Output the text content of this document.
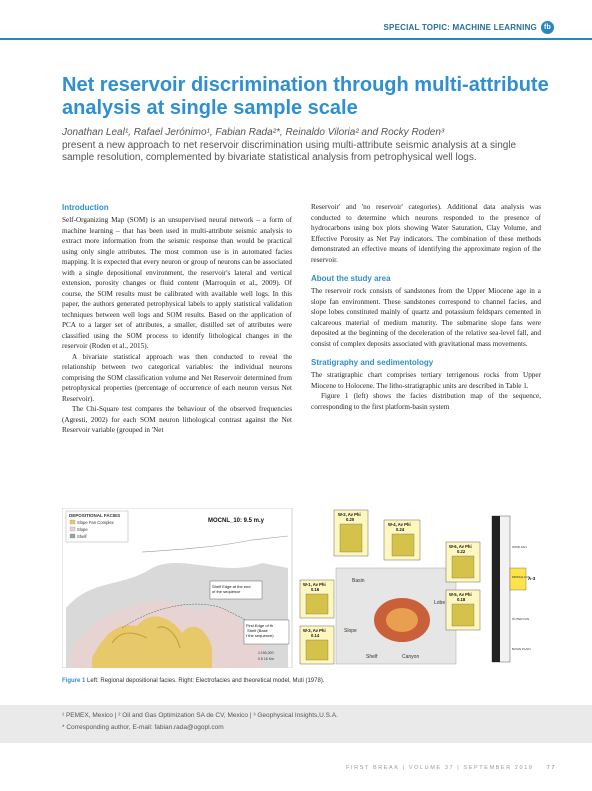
SPECIAL TOPIC: MACHINE LEARNING fb
Net reservoir discrimination through multi-attribute analysis at single sample scale
Jonathan Leal¹, Rafael Jerónimo¹, Fabian Rada²*, Reinaldo Viloria² and Rocky Roden³
present a new approach to net reservoir discrimination using multi-attribute seismic analysis at a single sample resolution, complemented by bivariate statistical analysis from petrophysical well logs.
Introduction

Self-Organizing Map (SOM) is an unsupervised neural network – a form of machine learning – that has been used in multi-attribute seismic analysis to extract more information from the seismic response than would be practical using only single attributes. The most common use is in automated facies mapping. It is expected that every neuron or group of neurons can be associated with a single depositional environment, the reservoir's lateral and vertical extension, porosity changes or fluid content (Marroquín et al., 2009). Of course, the SOM results must be calibrated with available well logs. In this paper, the authors generated petrophysical labels to apply statistical validation techniques between well logs and SOM results. Based on the application of PCA to a larger set of attributes, a smaller, distilled set of attributes were classified using the SOM process to identify lithological changes in the reservoir (Roden et al., 2015).

A bivariate statistical approach was then conducted to reveal the relationship between two categorical variables: the individual neurons comprising the SOM classification volume and Net Reservoir determined from petrophysical properties (percentage of occurrence of each neuron versus Net Reservoir).

The Chi-Square test compares the behaviour of the observed frequencies (Agresti, 2002) for each SOM neuron lithological contrast against the Net Reservoir variable (grouped in 'Net

Reservoir' and 'no reservoir' categories). Additional data analysis was conducted to determine which neurons responded to the presence of hydrocarbons using box plots showing Water Saturation, Clay Volume, and Effective Porosity as Net Pay indicators. The combination of these methods demonstrated an effective means of identifying the approximate region of the reservoir.

About the study area

The reservoir rock consists of sandstones from the Upper Miocene age in a slope fan environment. These sandstones correspond to channel facies, and slope lobes constituted mainly of quartz and potassium feldspars cemented in calcareous material of medium maturity. The submarine slope fans were deposited at the beginning of the deceleration of the relative sea-level fall, and consist of complex deposits associated with gravitational mass movements.

Stratigraphy and sedimentology

The stratigraphic chart comprises tertiary terrigenous rocks from Upper Miocene to Holocene. The litho-stratigraphic units are described in Table 1.

Figure 1 (left) shows the facies distribution map of the sequence, corresponding to the first platform-basin system

DEPOSITIONAL FACIES
Slope Fan Complex
Slope
Shelf
MOCNL_10: 9.5 m.y
Shelf Edge at the end of the sequence
First Edge of th Shelf (Base f the sequence)
1:150,000
0 8 16 Km
Basin
Lobe
Slope
Shelf	Canyon
W-2, Av Phi
0.20
W-4, Av Phi
0.24
W-6, Av Phi
0.22
W-1, Av Phi
0.16
W-5, Av Phi
0.18
W-3, Av Phi
0.14
A-3
WIND FAN
MIDDLE FAN
OUTER FAN
BASIN PLAIN
Figure 1 Left: Regional depositional facies. Right: Electrofacies and theoretical model, Muti (1978).
¹ PEMEX, Mexico | ² Oil and Gas Optimization SA de CV, Mexico | ³ Geophysical Insights,U.S.A.
* Corresponding author, E-mail: fabian.rada@ogopl.com
FIRST BREAK | VOLUME 37 | SEPTEMBER 2019 77
